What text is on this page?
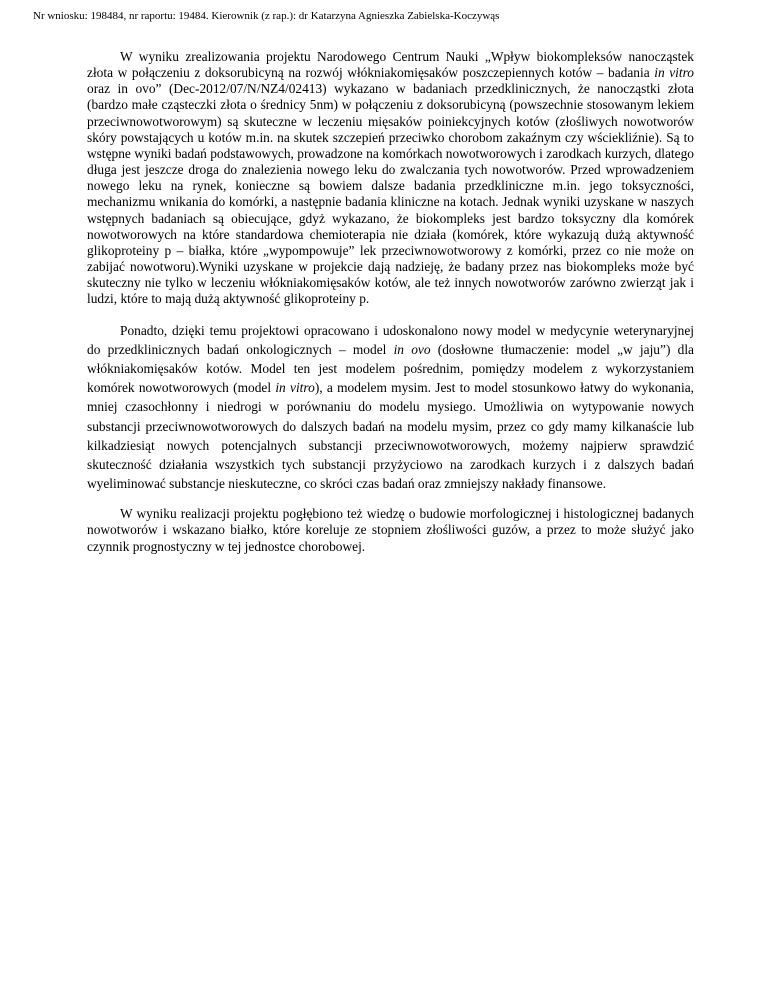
Nr wniosku: 198484, nr raportu: 19484. Kierownik (z rap.): dr Katarzyna Agnieszka Zabielska-Koczywąs

W wyniku zrealizowania projektu Narodowego Centrum Nauki „Wpływ biokompleksów nanocząstek złota w połączeniu z doksorubicyną na rozwój włókniakomięsaków poszczepiennych kotów – badania in vitro oraz in ovo” (Dec-2012/07/N/NZ4/02413) wykazano w badaniach przedklinicznych, że nanocząstki złota (bardzo małe cząsteczki złota o średnicy 5nm) w połączeniu z doksorubicyną (powszechnie stosowanym lekiem przeciwnowotworowym) są skuteczne w leczeniu mięsaków poiniekcyjnych kotów (złośliwych nowotworów skóry powstających u kotów m.in. na skutek szczepień przeciwko chorobom zakaźnym czy wściekliźnie). Są to wstępne wyniki badań podstawowych, prowadzone na komórkach nowotworowych i zarodkach kurzych, dlatego długa jest jeszcze droga do znalezienia nowego leku do zwalczania tych nowotworów. Przed wprowadzeniem nowego leku na rynek, konieczne są bowiem dalsze badania przedkliniczne m.in. jego toksyczności, mechanizmu wnikania do komórki, a następnie badania kliniczne na kotach. Jednak wyniki uzyskane w naszych wstępnych badaniach są obiecujące, gdyż wykazano, że biokompleks jest bardzo toksyczny dla komórek nowotworowych na które standardowa chemioterapia nie działa (komórek, które wykazują dużą aktywność glikoproteiny p – białka, które „wypompowuje” lek przeciwnowotworowy z komórki, przez co nie może on zabijać nowotworu).Wyniki uzyskane w projekcie dają nadzieję, że badany przez nas biokompleks może być skuteczny nie tylko w leczeniu włókniakomięsaków kotów, ale też innych nowotworów zarówno zwierząt jak i ludzi, które to mają dużą aktywność glikoproteiny p.

Ponadto, dzięki temu projektowi opracowano i udoskonalono nowy model w medycynie weterynaryjnej do przedklinicznych badań onkologicznych – model in ovo (dosłowne tłumaczenie: model „w jaju”) dla włókniakomięsaków kotów. Model ten jest modelem pośrednim, pomiędzy modelem z wykorzystaniem komórek nowotworowych (model in vitro), a modelem mysim. Jest to model stosunkowo łatwy do wykonania, mniej czasochłonny i niedrogi w porównaniu do modelu mysiego. Umożliwia on wytypowanie nowych substancji przeciwnowotworowych do dalszych badań na modelu mysim, przez co gdy mamy kilkanaście lub kilkadziesiąt nowych potencjalnych substancji przeciwnowotworowych, możemy najpierw sprawdzić skuteczność działania wszystkich tych substancji przyżyciowo na zarodkach kurzych i z dalszych badań wyeliminować substancje nieskuteczne, co skróci czas badań oraz zmniejszy nakłady finansowe.

W wyniku realizacji projektu pogłębiono też wiedzę o budowie morfologicznej i histologicznej badanych nowotworów i wskazano białko, które koreluje ze stopniem złośliwości guzów, a przez to może służyć jako czynnik prognostyczny w tej jednostce chorobowej.
